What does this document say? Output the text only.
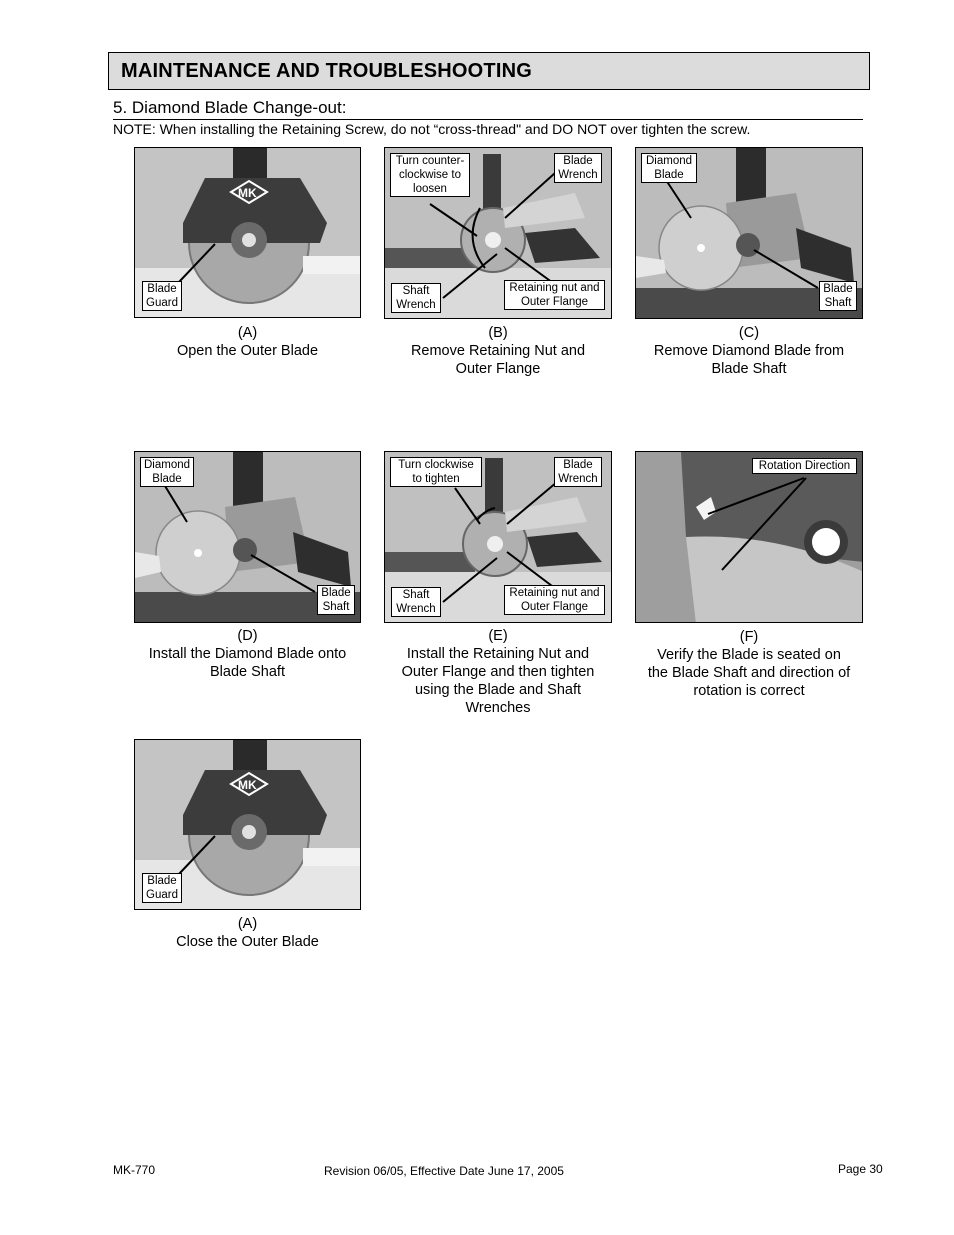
MAINTENANCE AND TROUBLESHOOTING
5. Diamond Blade Change-out:
NOTE: When installing the Retaining Screw, do not “cross-thread" and DO NOT over tighten the screw.
MK
Blade
Guard
(A)
Open the Outer Blade
Turn counter-
clockwise to
loosen
Blade
Wrench
Shaft
Wrench
Retaining nut and
Outer Flange
(B)
Remove Retaining Nut and
Outer Flange
Diamond
Blade
Blade
Shaft
(C)
Remove Diamond Blade from
Blade Shaft
Diamond
Blade
Blade
Shaft
(D)
Install the Diamond Blade onto
Blade Shaft
Turn clockwise
to tighten
Blade
Wrench
Shaft
Wrench
Retaining nut and
Outer Flange
(E)
Install the Retaining Nut and
Outer Flange and then tighten
using the Blade and Shaft
Wrenches
Rotation Direction
(F)
Verify the Blade is seated on
the Blade Shaft and direction of
rotation is correct
MK
Blade
Guard
(A)
Close the Outer Blade
MK-770	Revision 06/05, Effective Date June 17, 2005	Page 30
